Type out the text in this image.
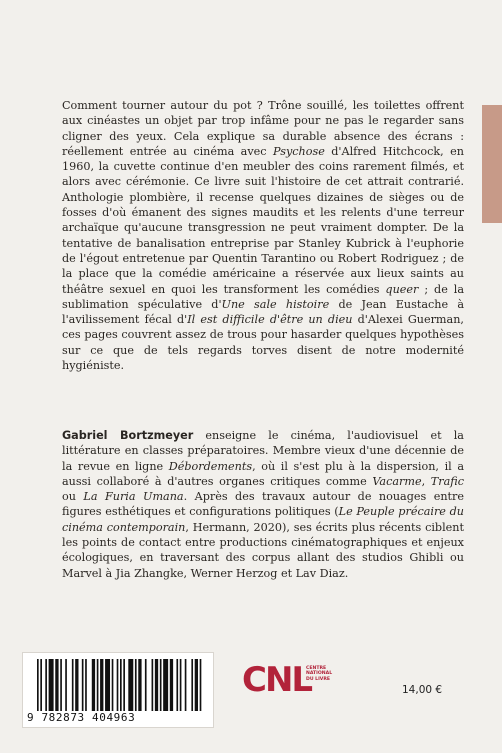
Comment tourner autour du pot ? Trône souillé, les toilettes offrent aux cinéastes un objet par trop infâme pour ne pas le regarder sans cligner des yeux. Cela explique sa durable absence des écrans : réellement entrée au cinéma avec Psychose d'Alfred Hitchcock, en 1960, la cuvette continue d'en meubler des coins rarement filmés, et alors avec cérémonie. Ce livre suit l'histoire de cet attrait contrarié. Anthologie plombière, il recense quelques dizaines de sièges ou de fosses d'où émanent des signes maudits et les relents d'une terreur archaïque qu'aucune transgression ne peut vraiment dompter. De la tentative de banalisation entreprise par Stanley Kubrick à l'euphorie de l'égout entretenue par Quentin Tarantino ou Robert Rodriguez ; de la place que la comédie américaine a réservée aux lieux saints au théâtre sexuel en quoi les transforment les comédies queer ; de la sublimation spéculative d'Une sale histoire de Jean Eustache à l'avilissement fécal d'Il est difficile d'être un dieu d'Alexei Guerman, ces pages couvrent assez de trous pour hasarder quelques hypothèses sur ce que de tels regards torves disent de notre modernité hygiéniste.

Gabriel Bortzmeyer enseigne le cinéma, l'audiovisuel et la littérature en classes préparatoires. Membre vieux d'une décennie de la revue en ligne Débordements, où il s'est plu à la dispersion, il a aussi collaboré à d'autres organes critiques comme Vacarme, Trafic ou La Furia Umana. Après des travaux autour de nouages entre figures esthétiques et configurations politiques (Le Peuple précaire du cinéma contemporain, Hermann, 2020), ses écrits plus récents ciblent les points de contact entre productions cinématographiques et enjeux écologiques, en traversant des corpus allant des studios Ghibli ou Marvel à Jia Zhangke, Werner Herzog et Lav Diaz.

9 782873 404963
CNL
CENTRE
NATIONAL
DU LIVRE
14,00 €
